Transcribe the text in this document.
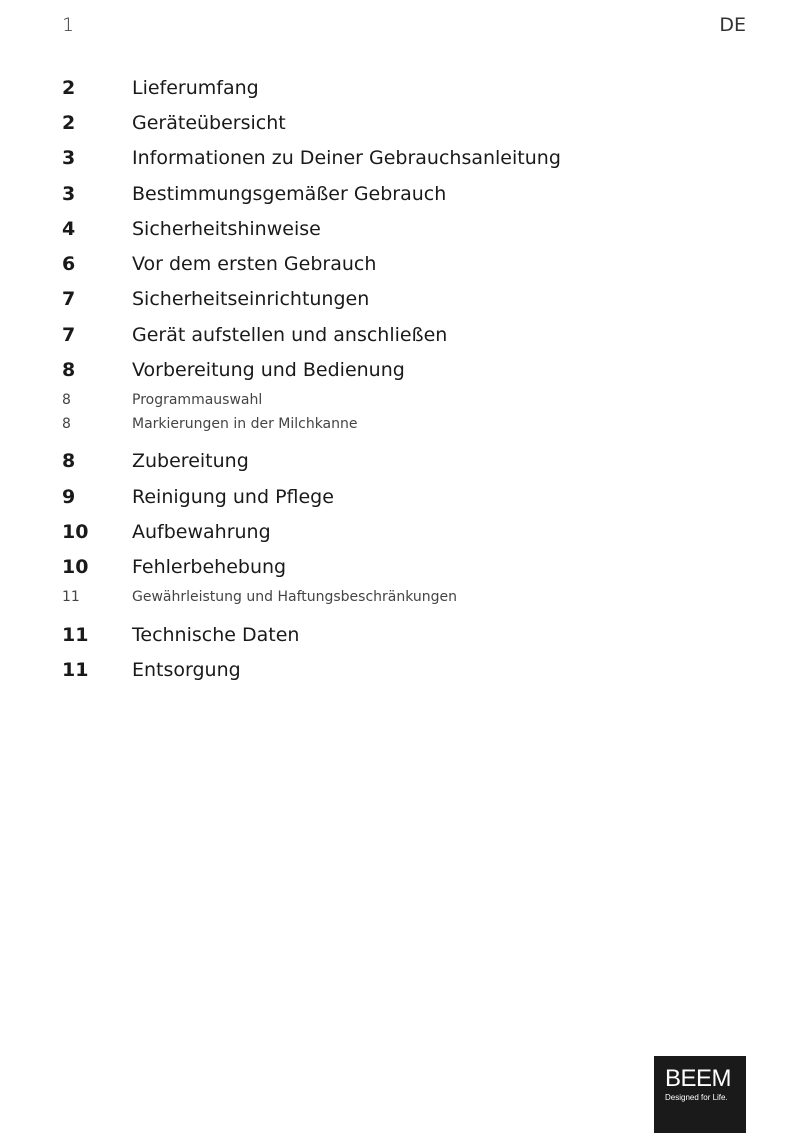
1	DE
2	Lieferumfang
2	Geräteübersicht
3	Informationen zu Deiner Gebrauchsanleitung
3	Bestimmungsgemäßer Gebrauch
4	Sicherheitshinweise
6	Vor dem ersten Gebrauch
7	Sicherheitseinrichtungen
7	Gerät aufstellen und anschließen
8	Vorbereitung und Bedienung
8	Programmauswahl
8	Markierungen in der Milchkanne
8	Zubereitung
9	Reinigung und Pflege
10	Aufbewahrung
10	Fehlerbehebung
11	Gewährleistung und Haftungsbeschränkungen
11	Technische Daten
11	Entsorgung
BEEM
Designed for Life.
